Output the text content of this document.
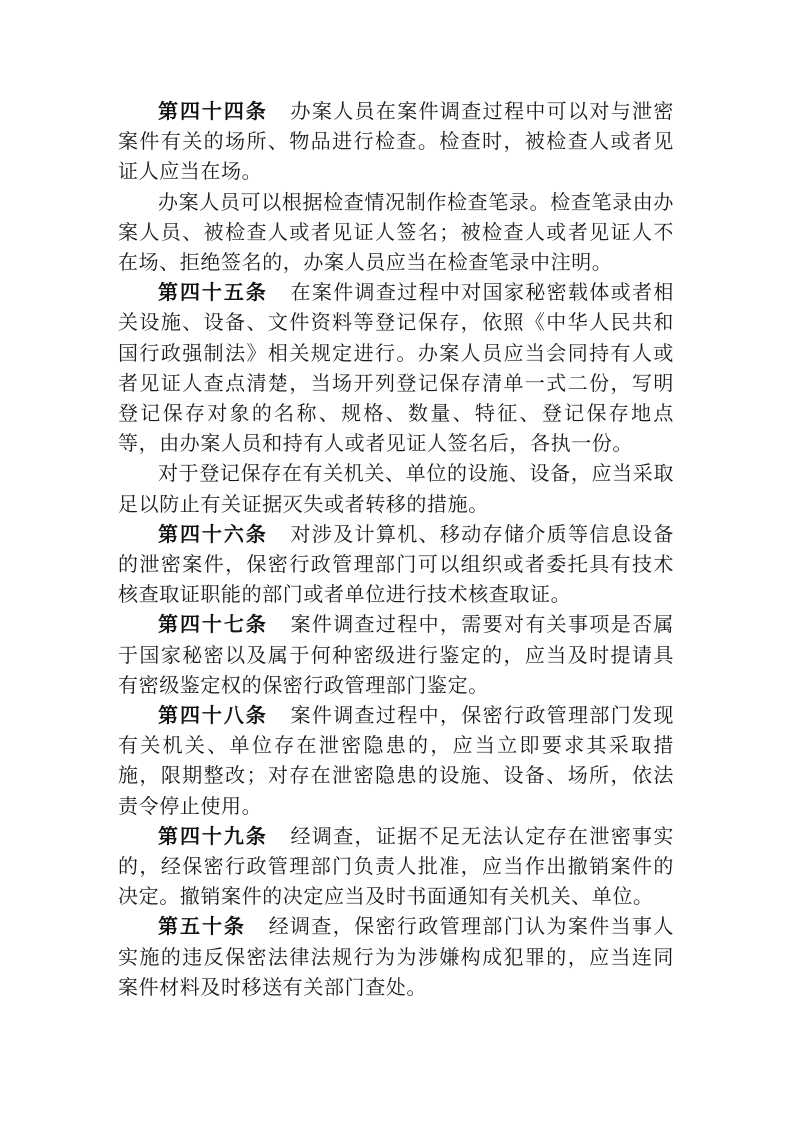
第四十四条 办案人员在案件调查过程中可以对与泄密案件有关的场所、物品进行检查。检查时，被检查人或者见证人应当在场。

办案人员可以根据检查情况制作检查笔录。检查笔录由办案人员、被检查人或者见证人签名；被检查人或者见证人不在场、拒绝签名的，办案人员应当在检查笔录中注明。

第四十五条 在案件调查过程中对国家秘密载体或者相关设施、设备、文件资料等登记保存，依照《中华人民共和国行政强制法》相关规定进行。办案人员应当会同持有人或者见证人查点清楚，当场开列登记保存清单一式二份，写明登记保存对象的名称、规格、数量、特征、登记保存地点等，由办案人员和持有人或者见证人签名后，各执一份。

对于登记保存在有关机关、单位的设施、设备，应当采取足以防止有关证据灭失或者转移的措施。

第四十六条 对涉及计算机、移动存储介质等信息设备的泄密案件，保密行政管理部门可以组织或者委托具有技术核查取证职能的部门或者单位进行技术核查取证。

第四十七条 案件调查过程中，需要对有关事项是否属于国家秘密以及属于何种密级进行鉴定的，应当及时提请具有密级鉴定权的保密行政管理部门鉴定。

第四十八条 案件调查过程中，保密行政管理部门发现有关机关、单位存在泄密隐患的，应当立即要求其采取措施，限期整改；对存在泄密隐患的设施、设备、场所，依法责令停止使用。

第四十九条 经调查，证据不足无法认定存在泄密事实的，经保密行政管理部门负责人批准，应当作出撤销案件的决定。撤销案件的决定应当及时书面通知有关机关、单位。

第五十条 经调查，保密行政管理部门认为案件当事人实施的违反保密法律法规行为为涉嫌构成犯罪的，应当连同案件材料及时移送有关部门查处。
